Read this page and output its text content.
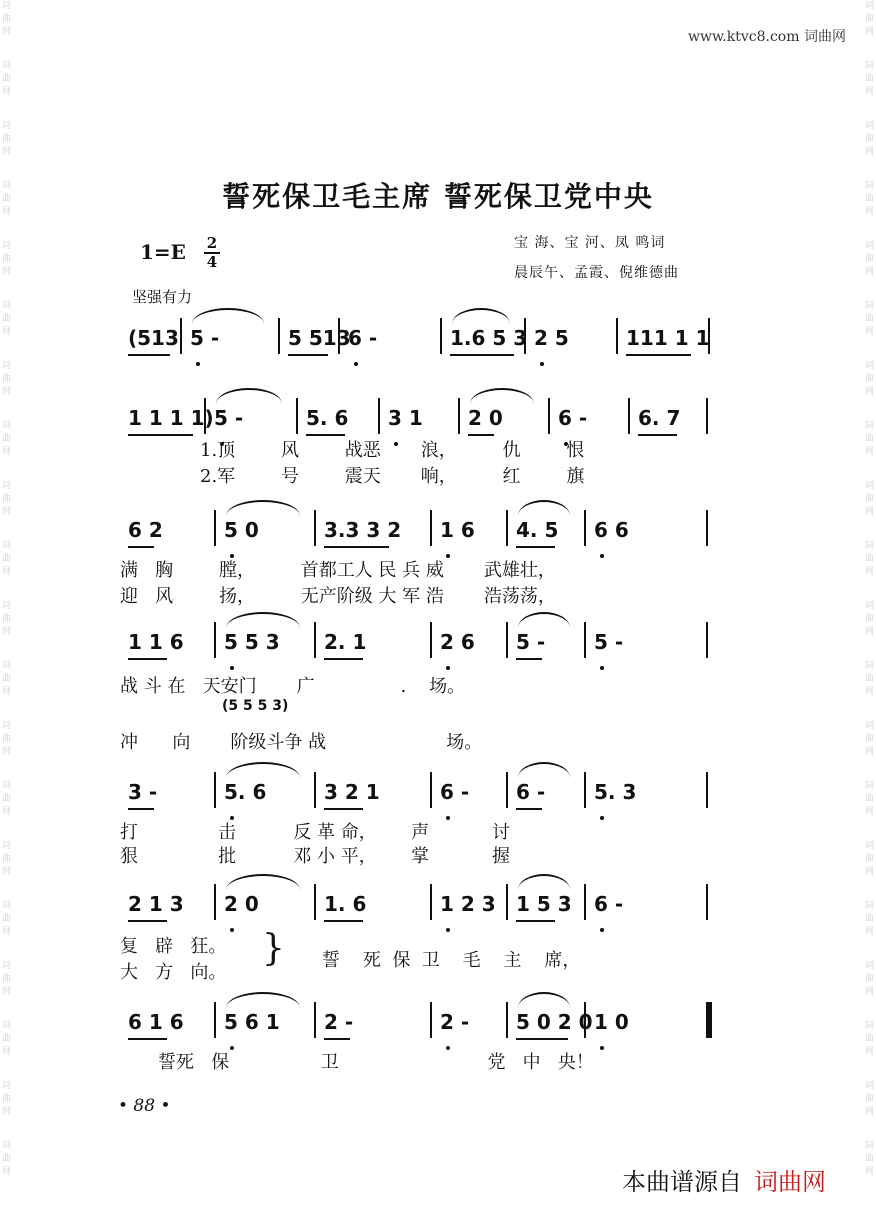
词
曲
网
词
曲
网
词
曲
网
词
曲
网
词
曲
网
词
曲
网
词
曲
网
词
曲
网
词
曲
网
词
曲
网
词
曲
网
词
曲
网
词
曲
网
词
曲
网
词
曲
网
词
曲
网
词
曲
网
词
曲
网
词
曲
网
词
曲
网
词
曲
网
词
曲
网
词
曲
网
词
曲
网
词
曲
网
词
曲
网
词
曲
网
词
曲
网
词
曲
网
词
曲
网
词
曲
网
词
曲
网
词
曲
网
词
曲
网
词
曲
网
词
曲
网
词
曲
网
词
曲
网
词
曲
网
词
曲
网
www.ktvc8.com 词曲网
誓死保卫毛主席 誓死保卫党中央
1=E 2
4
宝 海、宝 河、凤 鸣词
晨辰午、孟霞、倪维德曲
坚强有力
(513 5 -	5 513
6 -	1.6 5 3 2 5	111 1 1
1 1 1 1) 5 -	5. 6 3 1 2 0	6 -	6. 7
6 2	5 0	3.3 3 2 1 6 4. 5 6 6
1 1 6 5 5 3 2. 1	2 6 5 - 5 -
3 -	5. 6	3 2 1	6 - 6 - 5. 3
2 1 3 2 0	1. 6	1 2 3 1 5 3 6 -
6 1 6 5 6 1 2 -	2 - 5 0 2 0 1 0
1.顶        风        战恶       浪，        仇        恨
2.军        号        震天       响，        红        旗
满   胸        膛，        首都工人 民 兵 威       武雄壮，
迎   风        扬，        无产阶级 大 军 浩       浩荡荡，
战 斗 在   天安门       广               .    场。
(5 5 5 3)
冲      向       阶级斗争 战                     场。
打              击          反 革 命，      声           讨
狠              批          邓 小 平，      掌           握
复   辟   狂。
大   方   向。
} 誓    死  保  卫    毛    主    席，
誓死   保                卫                          党   中   央！
• 88 •
本曲谱源自 词曲网
